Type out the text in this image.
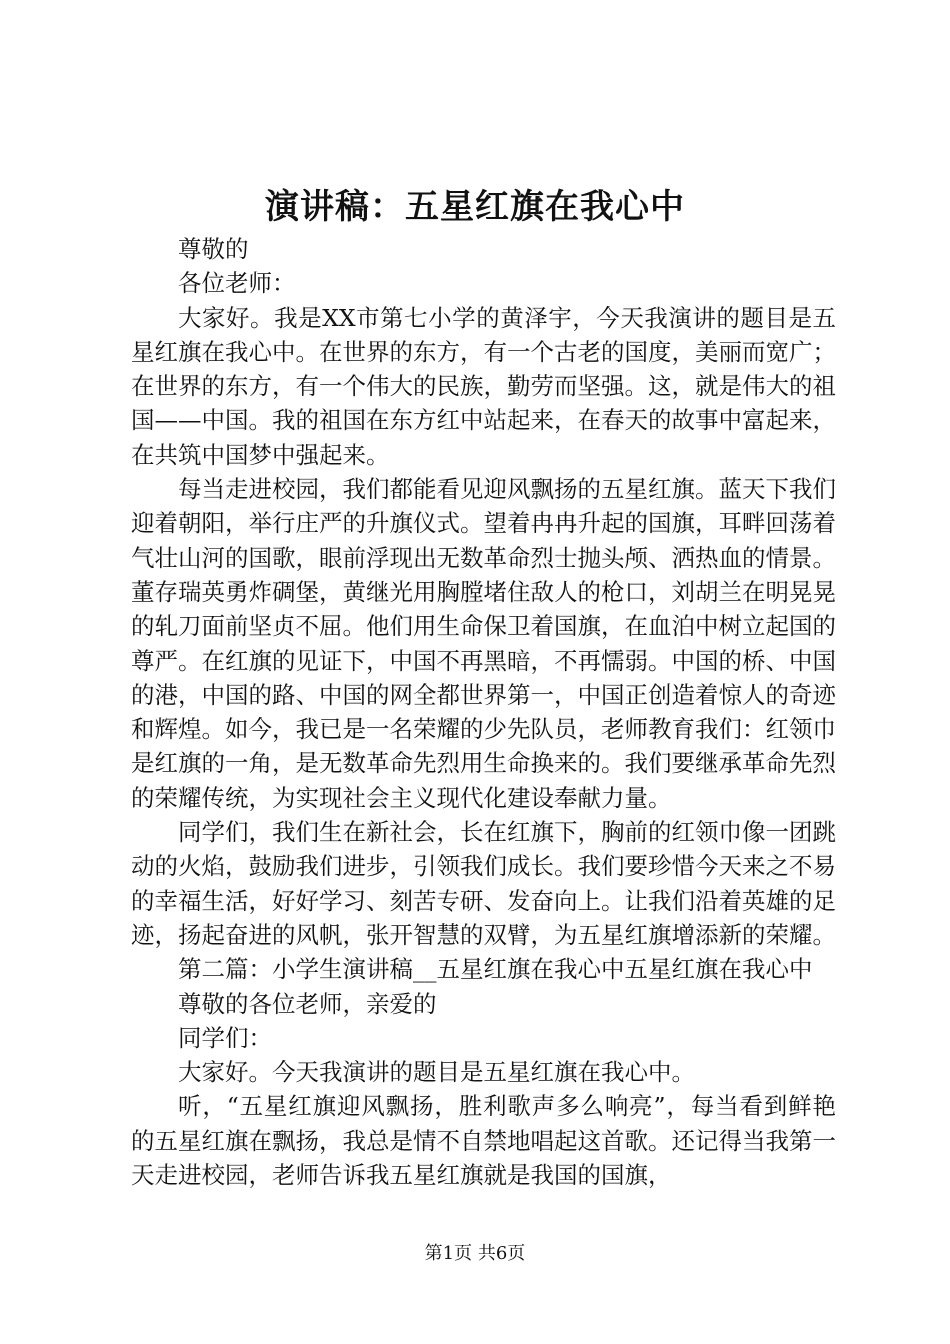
演讲稿：五星红旗在我心中

尊敬的

各位老师：

大家好。我是XX市第七小学的黄泽宇，今天我演讲的题目是五星红旗在我心中。在世界的东方，有一个古老的国度，美丽而宽广；在世界的东方，有一个伟大的民族，勤劳而坚强。这，就是伟大的祖国——中国。我的祖国在东方红中站起来，在春天的故事中富起来，在共筑中国梦中强起来。

每当走进校园，我们都能看见迎风飘扬的五星红旗。蓝天下我们迎着朝阳，举行庄严的升旗仪式。望着冉冉升起的国旗，耳畔回荡着气壮山河的国歌，眼前浮现出无数革命烈士抛头颅、洒热血的情景。董存瑞英勇炸碉堡，黄继光用胸膛堵住敌人的枪口，刘胡兰在明晃晃的轧刀面前坚贞不屈。他们用生命保卫着国旗，在血泊中树立起国的尊严。在红旗的见证下，中国不再黑暗，不再懦弱。中国的桥、中国的港，中国的路、中国的网全都世界第一，中国正创造着惊人的奇迹和辉煌。如今，我已是一名荣耀的少先队员，老师教育我们：红领巾是红旗的一角，是无数革命先烈用生命换来的。我们要继承革命先烈的荣耀传统，为实现社会主义现代化建设奉献力量。

同学们，我们生在新社会，长在红旗下，胸前的红领巾像一团跳动的火焰，鼓励我们进步，引领我们成长。我们要珍惜今天来之不易的幸福生活，好好学习、刻苦专研、发奋向上。让我们沿着英雄的足迹，扬起奋进的风帆，张开智慧的双臂，为五星红旗增添新的荣耀。

第二篇：小学生演讲稿__五星红旗在我心中五星红旗在我心中

尊敬的各位老师，亲爱的

同学们：

大家好。今天我演讲的题目是五星红旗在我心中。

听，“五星红旗迎风飘扬，胜利歌声多么响亮”，每当看到鲜艳的五星红旗在飘扬，我总是情不自禁地唱起这首歌。还记得当我第一天走进校园，老师告诉我五星红旗就是我国的国旗，

第1页 共6页
